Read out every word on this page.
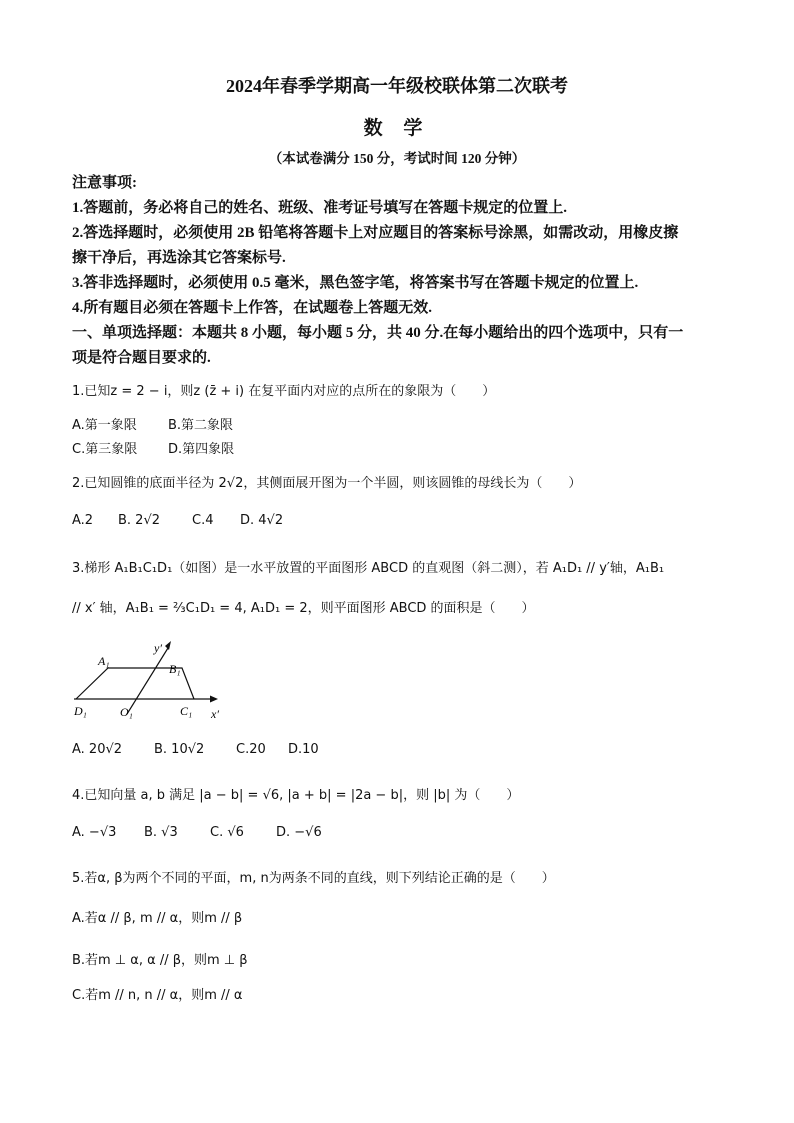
2024年春季学期高一年级校联体第二次联考
数 学
（本试卷满分 150 分，考试时间 120 分钟）
注意事项:
1.答题前，务必将自己的姓名、班级、准考证号填写在答题卡规定的位置上.
2.答选择题时，必须使用 2B 铅笔将答题卡上对应题目的答案标号涂黑，如需改动，用橡皮擦
擦干净后，再选涂其它答案标号.
3.答非选择题时，必须使用 0.5 毫米，黑色签字笔，将答案书写在答题卡规定的位置上.
4.所有题目必须在答题卡上作答，在试题卷上答题无效.
一、单项选择题：本题共 8 小题，每小题 5 分，共 40 分.在每小题给出的四个选项中，只有一
项是符合题目要求的.
1.已知z = 2 − i，则z (z̄ + i) 在复平面内对应的点所在的象限为（　　）
A.第一象限 B.第二象限
C.第三象限 D.第四象限
2.已知圆锥的底面半径为 2√2，其侧面展开图为一个半圆，则该圆锥的母线长为（　　）
A.2 B. 2√2 C.4 D. 4√2
3.梯形 A₁B₁C₁D₁（如图）是一水平放置的平面图形 ABCD 的直观图（斜二测），若 A₁D₁ // y′轴，A₁B₁
// x′ 轴，A₁B₁ = ⅔C₁D₁ = 4, A₁D₁ = 2，则平面图形 ABCD 的面积是（　　）
A₁
B₁
C₁
D₁	O₁
y′
x′
A. 20√2 B. 10√2 C.20 D.10
4.已知向量 a, b 满足 |a − b| = √6, |a + b| = |2a − b|，则 |b| 为（　　）
A. −√3 B. √3 C. √6 D. −√6
5.若α, β为两个不同的平面，m, n为两条不同的直线，则下列结论正确的是（　　）
A.若α // β, m // α，则m // β
B.若m ⊥ α, α // β，则m ⊥ β
C.若m // n, n // α，则m // α
